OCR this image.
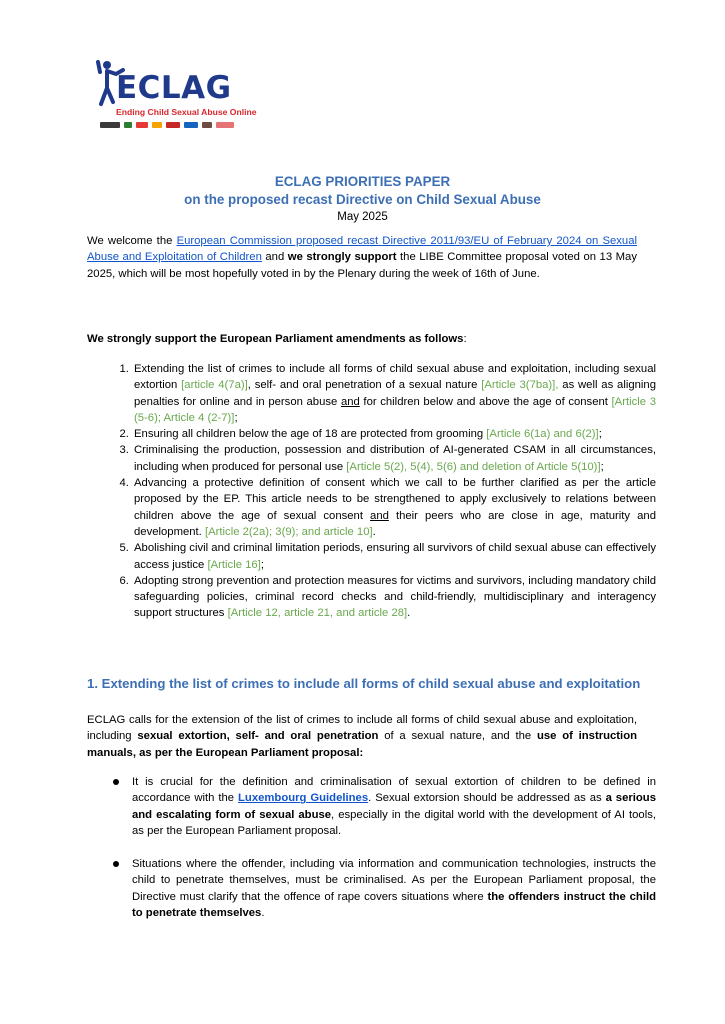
ECLAG
Ending Child Sexual Abuse Online
ECLAG PRIORITIES PAPER
on the proposed recast Directive on Child Sexual Abuse
May 2025

We welcome the European Commission proposed recast Directive 2011/93/EU of February 2024 on Sexual Abuse and Exploitation of Children and we strongly support the LIBE Committee proposal voted on 13 May 2025, which will be most hopefully voted in by the Plenary during the week of 16th of June.

We strongly support the European Parliament amendments as follows:

1. Extending the list of crimes to include all forms of child sexual abuse and exploitation, including sexual extortion [article 4(7a)], self- and oral penetration of a sexual nature [Article 3(7ba)], as well as aligning penalties for online and in person abuse and for children below and above the age of consent [Article 3 (5-6); Article 4 (2-7)];
2. Ensuring all children below the age of 18 are protected from grooming [Article 6(1a) and 6(2)];
3. Criminalising the production, possession and distribution of AI-generated CSAM in all circumstances, including when produced for personal use [Article 5(2), 5(4), 5(6) and deletion of Article 5(10)];
4. Advancing a protective definition of consent which we call to be further clarified as per the article proposed by the EP. This article needs to be strengthened to apply exclusively to relations between children above the age of sexual consent and their peers who are close in age, maturity and development. [Article 2(2a); 3(9); and article 10].
5. Abolishing civil and criminal limitation periods, ensuring all survivors of child sexual abuse can effectively access justice [Article 16];
6. Adopting strong prevention and protection measures for victims and survivors, including mandatory child safeguarding policies, criminal record checks and child-friendly, multidisciplinary and interagency support structures [Article 12, article 21, and article 28].
1. Extending the list of crimes to include all forms of child sexual abuse and exploitation

ECLAG calls for the extension of the list of crimes to include all forms of child sexual abuse and exploitation, including sexual extortion, self- and oral penetration of a sexual nature, and the use of instruction manuals, as per the European Parliament proposal:

It is crucial for the definition and criminalisation of sexual extortion of children to be defined in accordance with the Luxembourg Guidelines. Sexual extorsion should be addressed as as a serious and escalating form of sexual abuse, especially in the digital world with the development of AI tools, as per the European Parliament proposal.
Situations where the offender, including via information and communication technologies, instructs the child to penetrate themselves, must be criminalised. As per the European Parliament proposal, the Directive must clarify that the offence of rape covers situations where the offenders instruct the child to penetrate themselves.
